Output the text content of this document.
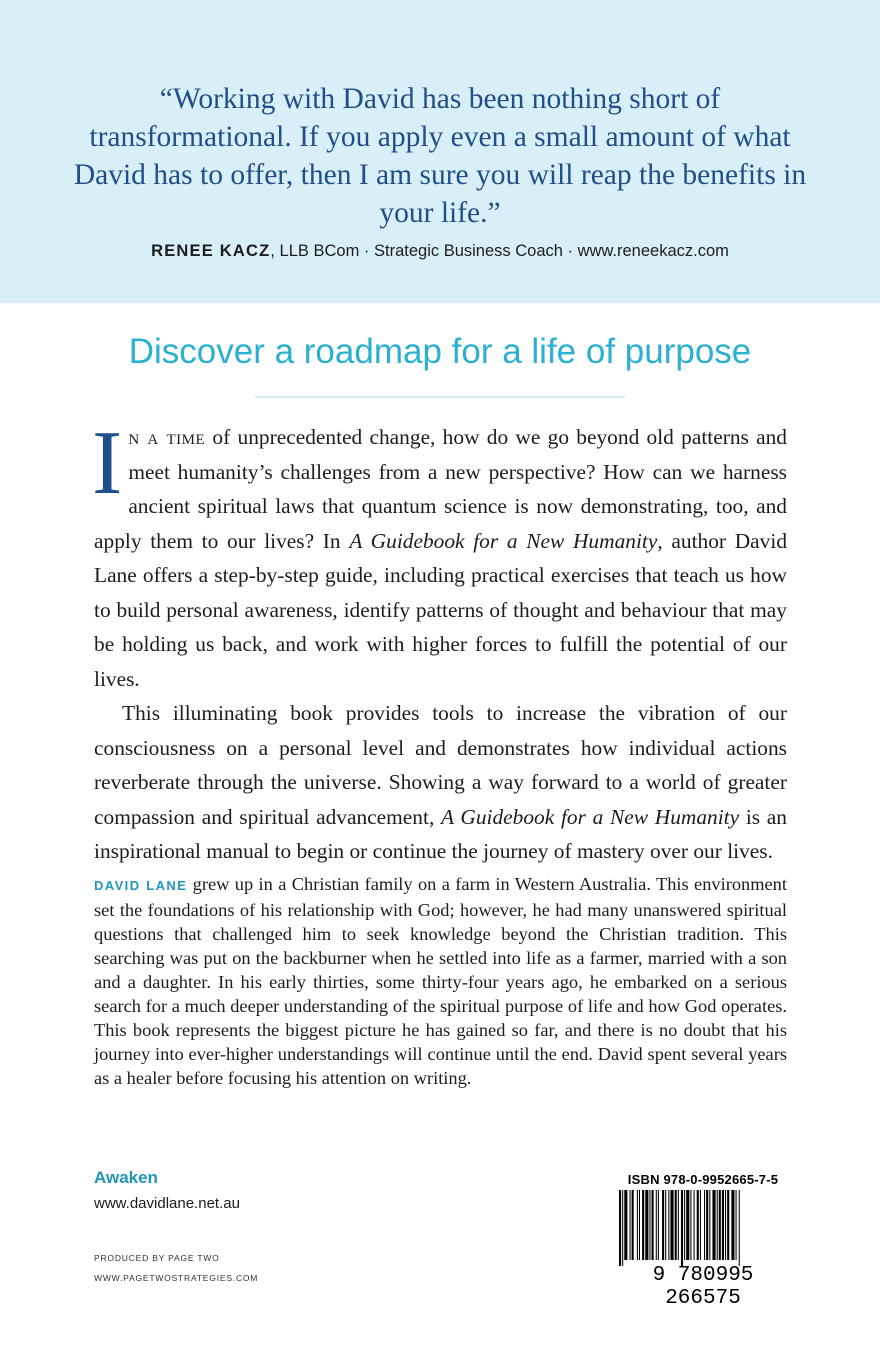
“Working with David has been nothing short of transformational. If you apply even a small amount of what David has to offer, then I am sure you will reap the benefits in your life.”

RENEE KACZ, LLB BCom · Strategic Business Coach · www.reneekacz.com
Discover a roadmap for a life of purpose

In a time of unprecedented change, how do we go beyond old patterns and meet humanity’s challenges from a new perspective? How can we harness ancient spiritual laws that quantum science is now demonstrating, too, and apply them to our lives? In A Guidebook for a New Humanity, author David Lane offers a step-by-step guide, including practical exercises that teach us how to build personal awareness, identify patterns of thought and behaviour that may be holding us back, and work with higher forces to fulfill the potential of our lives.

This illuminating book provides tools to increase the vibration of our consciousness on a personal level and demonstrates how individual actions reverberate through the universe. Showing a way forward to a world of greater compassion and spiritual advancement, A Guidebook for a New Humanity is an inspirational manual to begin or continue the journey of mastery over our lives.

DAVID LANE grew up in a Christian family on a farm in Western Australia. This environment set the foundations of his relationship with God; however, he had many unanswered spiritual questions that challenged him to seek knowledge beyond the Christian tradition. This searching was put on the backburner when he settled into life as a farmer, married with a son and a daughter. In his early thirties, some thirty-four years ago, he embarked on a serious search for a much deeper understanding of the spiritual purpose of life and how God operates. This book represents the biggest picture he has gained so far, and there is no doubt that his journey into ever-higher understandings will continue until the end. David spent several years as a healer before focusing his attention on writing.

Awaken
www.davidlane.net.au
PRODUCED BY PAGE TWO
WWW.PAGETWOSTRATEGIES.COM
ISBN 978-0-9952665-7-5
9 780995 266575
